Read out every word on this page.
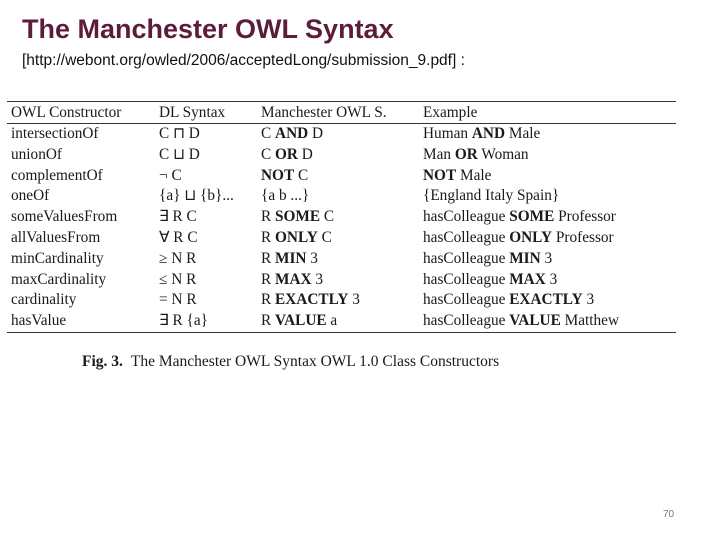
The Manchester OWL Syntax
[http://webont.org/owled/2006/acceptedLong/submission_9.pdf] :
OWL Constructor	DL Syntax	Manchester OWL S.	Example
intersectionOf	C ⊓ D	C AND D	Human AND Male
unionOf	C ⊔ D	C OR D	Man OR Woman
complementOf	¬ C	NOT C	NOT Male
oneOf	{a} ⊔ {b}...	{a b ...}	{England Italy Spain}
someValuesFrom	∃ R C	R SOME C	hasColleague SOME Professor
allValuesFrom	∀ R C	R ONLY C	hasColleague ONLY Professor
minCardinality	≥ N R	R MIN 3	hasColleague MIN 3
maxCardinality	≤ N R	R MAX 3	hasColleague MAX 3
cardinality	= N R	R EXACTLY 3	hasColleague EXACTLY 3
hasValue	∃ R {a}	R VALUE a	hasColleague VALUE Matthew
Fig. 3. The Manchester OWL Syntax OWL 1.0 Class Constructors
70
